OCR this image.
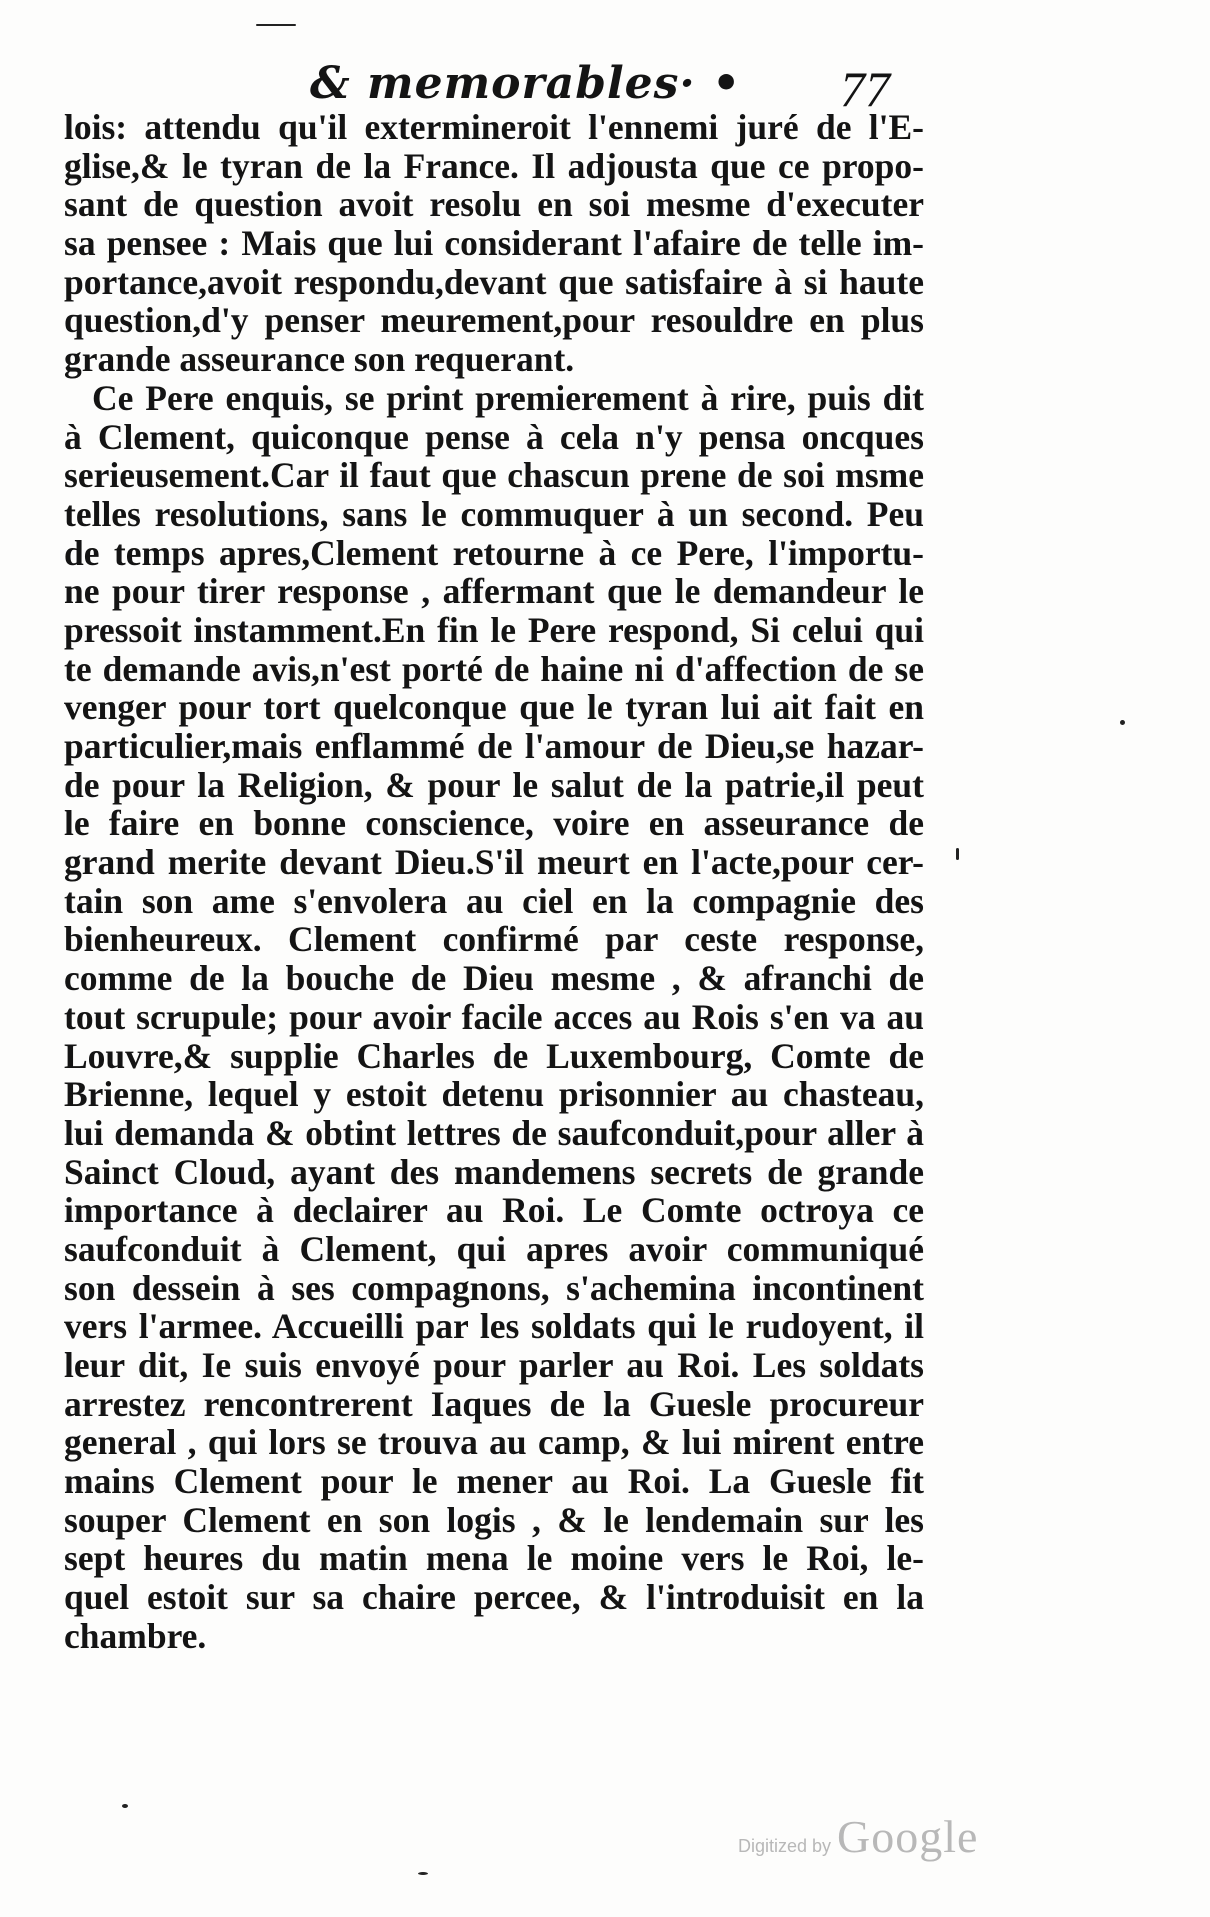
& memorables· • 77
lois: attendu qu'il extermineroit l'ennemi juré de l'E-
glise,& le tyran de la France. Il adjousta que ce propo-
sant de question avoit resolu en soi mesme d'executer
sa pensee : Mais que lui considerant l'afaire de telle im-
portance,avoit respondu,devant que satisfaire à si haute
question,d'y penser meurement,pour resouldre en plus
grande asseurance son requerant.
Ce Pere enquis, se print premierement à rire, puis dit
à Clement, quiconque pense à cela n'y pensa oncques
serieusement.Car il faut que chascun prene de soi msme
telles resolutions, sans le commuquer à un second. Peu
de temps apres,Clement retourne à ce Pere, l'importu-
ne pour tirer responsе , affermant que le demandeur le
pressoit instamment.En fin le Pere respond, Si celui qui
te demande avis,n'est porté de haine ni d'affection de se
venger pour tort quelconque que le tyran lui ait fait en
particulier,mais enflammé de l'amour de Dieu,se hazar-
de pour la Religion, & pour le salut de la patrie,il peut
le faire en bonne conscience, voire en asseurance de
grand merite devant Dieu.S'il meurt en l'acte,pour cer-
tain son ame s'envolera au ciel en la compagnie des
bienheureux. Clement confirmé par ceste response,
comme de la bouche de Dieu mesme , & afranchi de
tout scrupule; pour avoir facile acces au Rois s'en va au
Louvre,& supplie Charles de Luxembourg, Comte de
Brienne, lequel y estoit detenu prisonnier au chasteau,
lui demanda & obtint lettres de saufconduit,pour aller à
Sainct Cloud, ayant des mandemens secrets de grande
importance à declairer au Roi. Le Comte octroya ce
saufconduit à Clement, qui apres avoir communiqué
son dessein à ses compagnons, s'achemina incontinent
vers l'armee. Accueilli par les soldats qui le rudoyent, il
leur dit, Ie suis envoyé pour parler au Roi. Les soldats
arrestez rencontrerent Iaques de la Guesle procureur
general , qui lors se trouva au camp, & lui mirent entre
mains Clement pour le mener au Roi. La Guesle fit
souper Clement en son logis , & le lendemain sur les
sept heures du matin mena le moine vers le Roi, le-
quel estoit sur sa chaire percee, & l'introduisit en la
chambre.
Digitized by Google
